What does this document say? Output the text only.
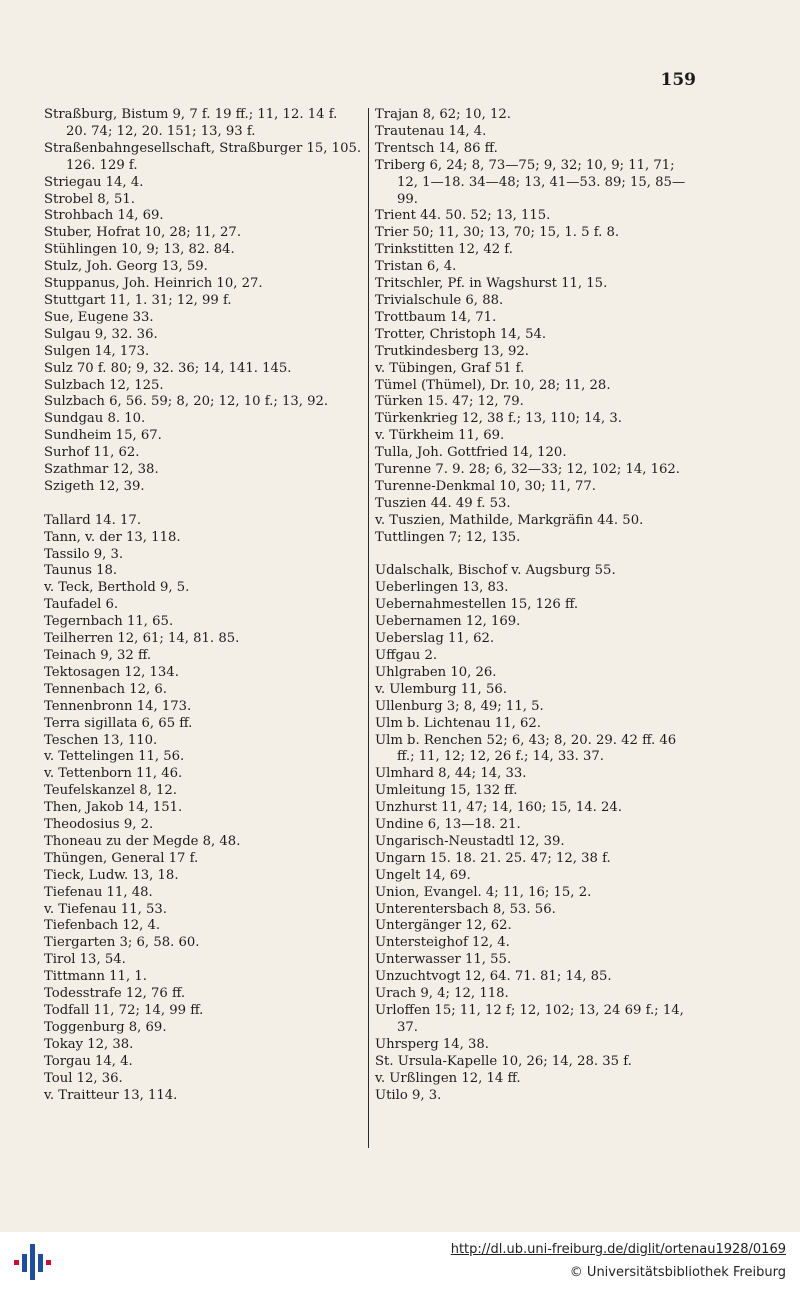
159
Straßburg, Bistum 9, 7 f. 19 ff.; 11, 12. 14 f. 20. 74; 12, 20. 151; 13, 93 f.
Straßenbahngesellschaft, Straßburger 15, 105. 126. 129 f.
Striegau 14, 4.
Strobel 8, 51.
Strohbach 14, 69.
Stuber, Hofrat 10, 28; 11, 27.
Stühlingen 10, 9; 13, 82. 84.
Stulz, Joh. Georg 13, 59.
Stuppanus, Joh. Heinrich 10, 27.
Stuttgart 11, 1. 31; 12, 99 f.
Sue, Eugene 33.
Sulgau 9, 32. 36.
Sulgen 14, 173.
Sulz 70 f. 80; 9, 32. 36; 14, 141. 145.
Sulzbach 12, 125.
Sulzbach 6, 56. 59; 8, 20; 12, 10 f.; 13, 92.
Sundgau 8. 10.
Sundheim 15, 67.
Surhof 11, 62.
Szathmar 12, 38.
Szigeth 12, 39.
Tallard 14. 17.
Tann, v. der 13, 118.
Tassilo 9, 3.
Taunus 18.
v. Teck, Berthold 9, 5.
Taufadel 6.
Tegernbach 11, 65.
Teilherren 12, 61; 14, 81. 85.
Teinach 9, 32 ff.
Tektosagen 12, 134.
Tennenbach 12, 6.
Tennenbronn 14, 173.
Terra sigillata 6, 65 ff.
Teschen 13, 110.
v. Tettelingen 11, 56.
v. Tettenborn 11, 46.
Teufelskanzel 8, 12.
Then, Jakob 14, 151.
Theodosius 9, 2.
Thoneau zu der Megde 8, 48.
Thüngen, General 17 f.
Tieck, Ludw. 13, 18.
Tiefenau 11, 48.
v. Tiefenau 11, 53.
Tiefenbach 12, 4.
Tiergarten 3; 6, 58. 60.
Tirol 13, 54.
Tittmann 11, 1.
Todesstrafe 12, 76 ff.
Todfall 11, 72; 14, 99 ff.
Toggenburg 8, 69.
Tokay 12, 38.
Torgau 14, 4.
Toul 12, 36.
v. Traitteur 13, 114.
Trajan 8, 62; 10, 12.
Trautenau 14, 4.
Trentsch 14, 86 ff.
Triberg 6, 24; 8, 73—75; 9, 32; 10, 9; 11, 71; 12, 1—18. 34—48; 13, 41—53. 89; 15, 85—99.
Trient 44. 50. 52; 13, 115.
Trier 50; 11, 30; 13, 70; 15, 1. 5 f. 8.
Trinkstitten 12, 42 f.
Tristan 6, 4.
Tritschler, Pf. in Wagshurst 11, 15.
Trivialschule 6, 88.
Trottbaum 14, 71.
Trotter, Christoph 14, 54.
Trutkindesberg 13, 92.
v. Tübingen, Graf 51 f.
Tümel (Thümel), Dr. 10, 28; 11, 28.
Türken 15. 47; 12, 79.
Türkenkrieg 12, 38 f.; 13, 110; 14, 3.
v. Türkheim 11, 69.
Tulla, Joh. Gottfried 14, 120.
Turenne 7. 9. 28; 6, 32—33; 12, 102; 14, 162.
Turenne-Denkmal 10, 30; 11, 77.
Tuszien 44. 49 f. 53.
v. Tuszien, Mathilde, Markgräfin 44. 50.
Tuttlingen 7; 12, 135.
Udalschalk, Bischof v. Augsburg 55.
Ueberlingen 13, 83.
Uebernahmestellen 15, 126 ff.
Uebernamen 12, 169.
Ueberslag 11, 62.
Uffgau 2.
Uhlgraben 10, 26.
v. Ulemburg 11, 56.
Ullenburg 3; 8, 49; 11, 5.
Ulm b. Lichtenau 11, 62.
Ulm b. Renchen 52; 6, 43; 8, 20. 29. 42 ff. 46 ff.; 11, 12; 12, 26 f.; 14, 33. 37.
Ulmhard 8, 44; 14, 33.
Umleitung 15, 132 ff.
Unzhurst 11, 47; 14, 160; 15, 14. 24.
Undine 6, 13—18. 21.
Ungarisch-Neustadtl 12, 39.
Ungarn 15. 18. 21. 25. 47; 12, 38 f.
Ungelt 14, 69.
Union, Evangel. 4; 11, 16; 15, 2.
Unterentersbach 8, 53. 56.
Untergänger 12, 62.
Untersteighof 12, 4.
Unterwasser 11, 55.
Unzuchtvogt 12, 64. 71. 81; 14, 85.
Urach 9, 4; 12, 118.
Urloffen 15; 11, 12 f; 12, 102; 13, 24 69 f.; 14, 37.
Uhrsperg 14, 38.
St. Ursula-Kapelle 10, 26; 14, 28. 35 f.
v. Urßlingen 12, 14 ff.
Utilo 9, 3.
http://dl.ub.uni-freiburg.de/diglit/ortenau1928/0169
© Universitätsbibliothek Freiburg
